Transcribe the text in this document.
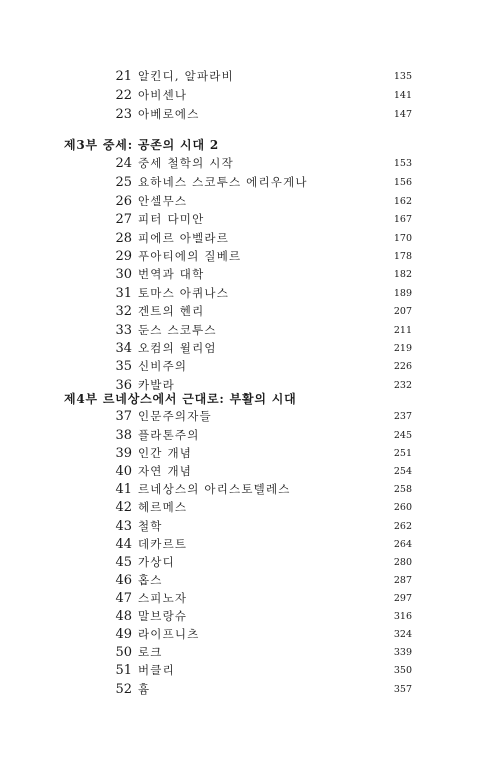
21 알킨디, 알파라비	135
22 아비센나	141
23 아베로에스	147
제3부 중세: 공존의 시대 2
24 중세 철학의 시작	153
25 요하네스 스코투스 에리우게나	156
26 안셀무스	162
27 피터 다미안	167
28 피에르 아벨라르	170
29 푸아티에의 질베르	178
30 번역과 대학	182
31 토마스 아퀴나스	189
32 겐트의 헨리	207
33 둔스 스코투스	211
34 오컴의 윌리엄	219
35 신비주의	226
36 카발라	232
제4부 르네상스에서 근대로: 부활의 시대
37 인문주의자들	237
38 플라톤주의	245
39 인간 개념	251
40 자연 개념	254
41 르네상스의 아리스토텔레스	258
42 헤르메스	260
43 철학	262
44 데카르트	264
45 가상디	280
46 홉스	287
47 스피노자	297
48 말브랑슈	316
49 라이프니츠	324
50 로크	339
51 버클리	350
52 흄	357
